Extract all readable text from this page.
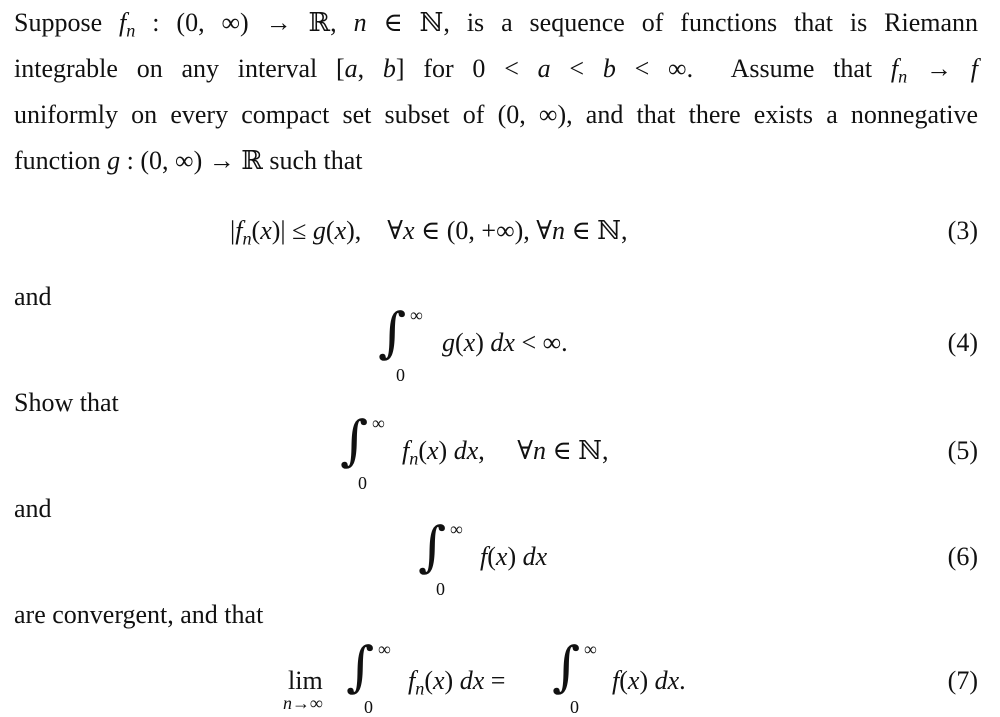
Suppose $f_n$ : (0, ∞) → ℝ, n ∈ ℕ, is a sequence of functions that is Riemann

integrable on any interval [a, b] for 0 < a < b < ∞.  Assume that $f_n \to f$

uniformly on every compact set subset of (0, ∞), and that there exists a nonnegative

function g : (0, ∞) → ℝ such that

$|f_n(x)| \le g(x)$,    ∀x ∈ (0, +∞), ∀n ∈ ℕ,	(3)
and
∫ ∞
0
g(x) dx < ∞.	(4)
Show that
∫ ∞
0
$f_n(x)$ dx,     ∀n ∈ ℕ,	(5)
and
∫ ∞
0
f(x) dx	(6)
are convergent, and that
lim
n→∞
∫ ∞
0
$f_n(x)$ dx = ∫ ∞
0
f(x) dx.	(7)
